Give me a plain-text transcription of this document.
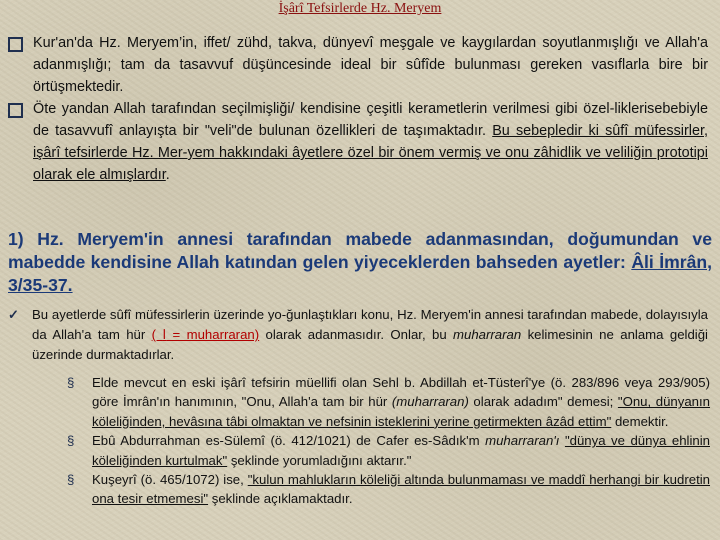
İşârî Tefsirlerde Hz. Meryem
Kur'an'da Hz. Meryem’in, iffet/ zühd, takva, dünyevî meşgale ve kaygılardan soyutlanmışlığı ve Allah'a adanmışlığı; tam da tasavvuf düşüncesinde ideal bir sûfîde bulunması gereken vasıflarla bire bir örtüşmektedir.
Öte yandan Allah tarafından seçilmişliği/ kendisine çeşitli kerametlerin verilmesi gibi özel-liklerisebebiyle de tasavvufî anlayışta bir "veli"de bulunan özellikleri de taşımaktadır. Bu sebepledir ki sûfî müfessirler, işârî tefsirlerde Hz. Mer-yem hakkındaki âyetlere özel bir önem vermiş ve onu zâhidlik ve veliliğin prototipi olarak ele almışlardır.
1) Hz. Meryem'in annesi tarafından mabede adanmasından, doğumundan ve mabedde kendisine Allah katından gelen yiyeceklerden bahseden ayetler: Âli İmrân, 3/35-37.
✓ Bu ayetlerde sûfî müfessirlerin üzerinde yo-ğunlaştıkları konu, Hz. Meryem'in annesi tarafından mabede, dolayısıyla da Allah'a tam hür ( ا = muharraran) olarak adanmasıdır. Onlar, bu muharraran kelimesinin ne anlama geldiği üzerinde durmaktadırlar.
§ Elde mevcut en eski işârî tefsirin müellifi olan Sehl b. Abdillah et-Tüsterî'ye (ö. 283/896 veya 293/905) göre İmrân'ın hanımının, "Onu, Allah'a tam bir hür (muharraran) olarak adadım" demesi; "Onu, dünyanın köleliğinden, hevâsına tâbi olmaktan ve nefsinin isteklerini yerine getirmekten âzâd ettim" demektir.
§ Ebû Abdurrahman es-Sülemî (ö. 412/1021) de Cafer es-Sâdık'm muharraran'ı "dünya ve dünya ehlinin köleliğinden kurtulmak" şeklinde yorumladığını aktarır."
§ Kuşeyrî (ö. 465/1072) ise, "kulun mahlukların köleliği altında bulunmaması ve maddî herhangi bir kudretin ona tesir etmemesi" şeklinde açıklamaktadır.
